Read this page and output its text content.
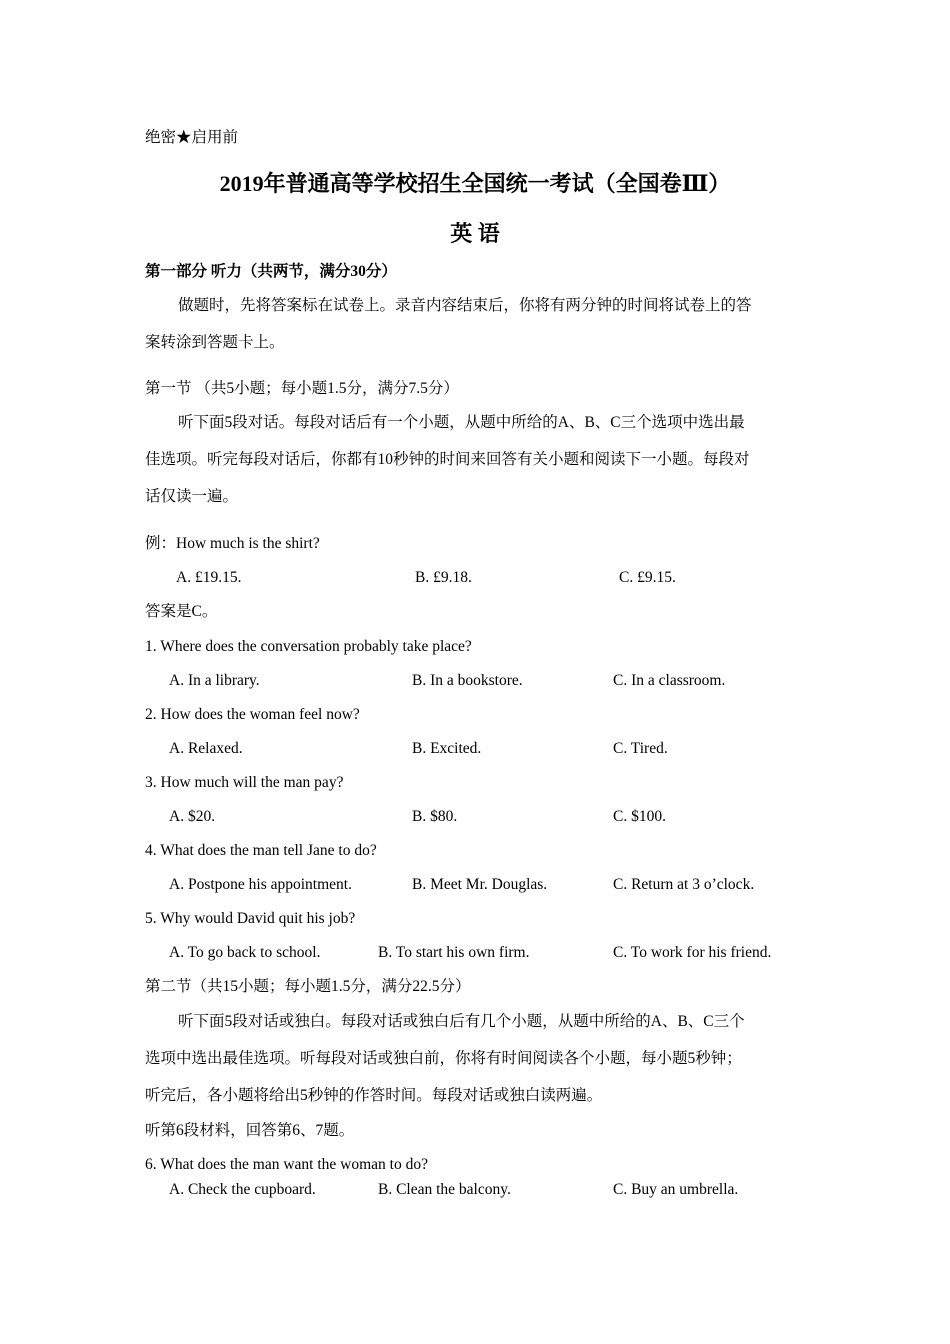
绝密★启用前
2019年普通高等学校招生全国统一考试（全国卷Ⅲ）
英 语
第一部分 听力（共两节，满分30分）
做题时，先将答案标在试卷上。录音内容结束后，你将有两分钟的时间将试卷上的答
案转涂到答题卡上。
第一节 （共5小题；每小题1.5分，满分7.5分）
听下面5段对话。每段对话后有一个小题，从题中所给的A、B、C三个选项中选出最
佳选项。听完每段对话后，你都有10秒钟的时间来回答有关小题和阅读下一小题。每段对
话仅读一遍。
例：How much is the shirt?
A. £19.15.	B. £9.18.	C. £9.15.
答案是C。
1. Where does the conversation probably take place?
A. In a library.	B. In a bookstore.	C. In a classroom.
2. How does the woman feel now?
A. Relaxed.	B. Excited.	C. Tired.
3. How much will the man pay?
A. $20.	B. $80.	C. $100.
4. What does the man tell Jane to do?
A. Postpone his appointment.	B. Meet Mr. Douglas.	C. Return at 3 o’clock.
5. Why would David quit his job?
A. To go back to school.	B. To start his own firm.	C. To work for his friend.
第二节（共15小题；每小题1.5分，满分22.5分）
听下面5段对话或独白。每段对话或独白后有几个小题，从题中所给的A、B、C三个
选项中选出最佳选项。听每段对话或独白前，你将有时间阅读各个小题，每小题5秒钟；
听完后，各小题将给出5秒钟的作答时间。每段对话或独白读两遍。
听第6段材料，回答第6、7题。
6. What does the man want the woman to do?
A. Check the cupboard.	B. Clean the balcony.	C. Buy an umbrella.
